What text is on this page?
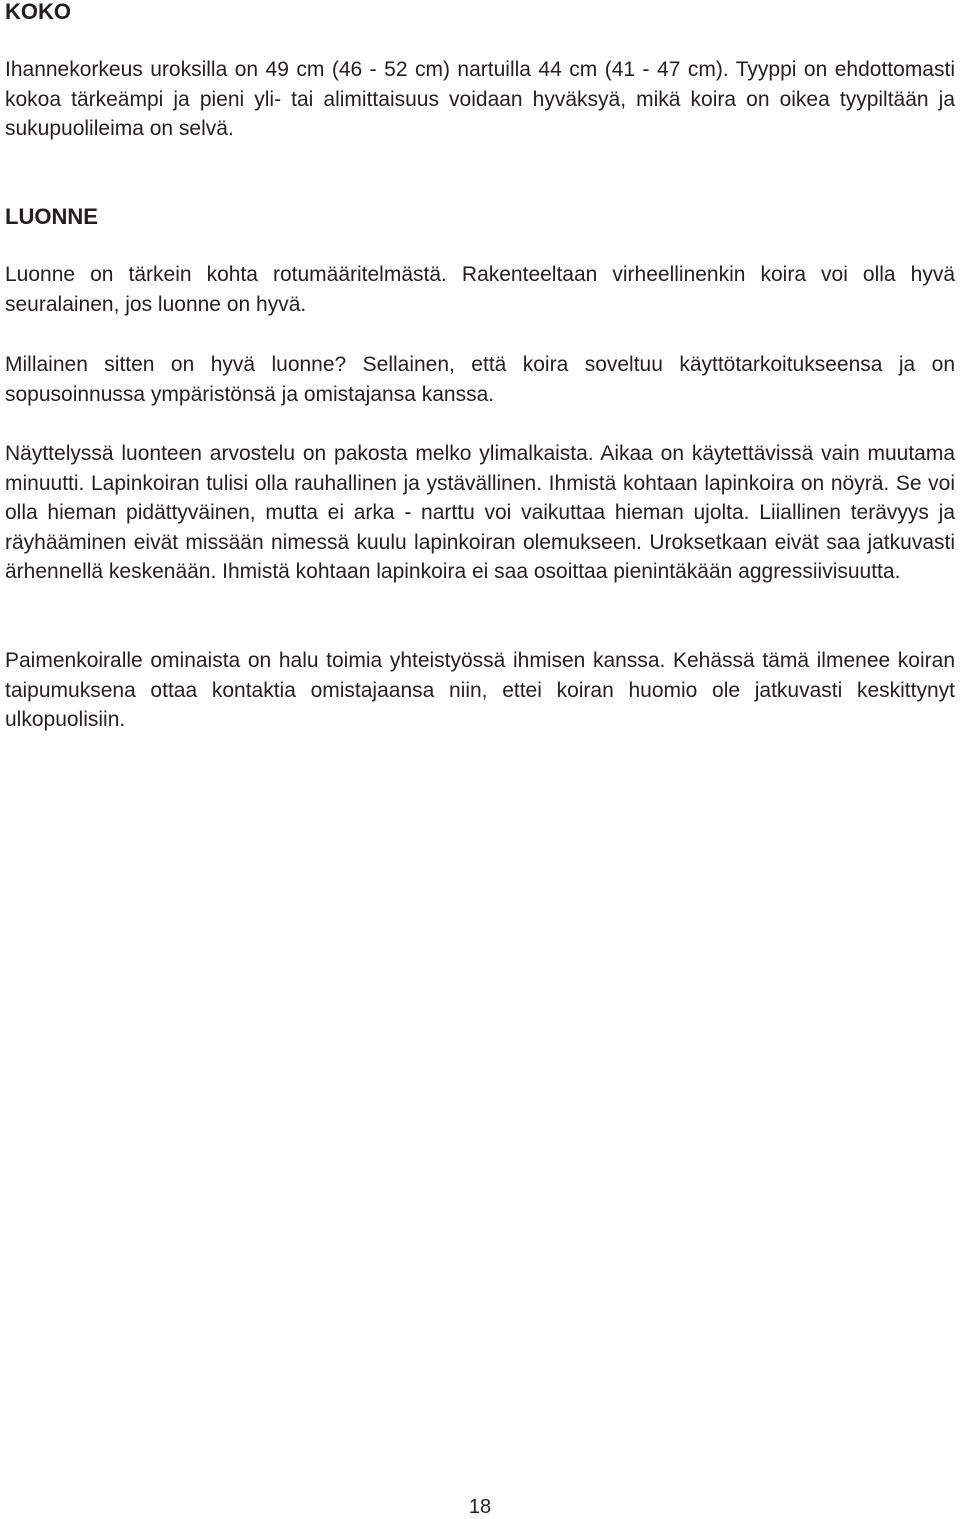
KOKO

Ihannekorkeus uroksilla on 49 cm (46 - 52 cm) nartuilla 44 cm (41 - 47 cm). Tyyppi on ehdottomasti kokoa tärkeämpi ja pieni yli- tai alimittaisuus voidaan hyväksyä, mikä koira on oikea tyypiltään ja sukupuolileima on selvä.

LUONNE

Luonne on tärkein kohta rotumääritelmästä. Rakenteeltaan virheellinenkin koira voi olla hyvä seuralainen, jos luonne on hyvä.

Millainen sitten on hyvä luonne? Sellainen, että koira soveltuu käyttötarkoitukseensa ja on sopusoinnussa ympäristönsä ja omistajansa kanssa.

Näyttelyssä luonteen arvostelu on pakosta melko ylimalkaista. Aikaa on käytettävissä vain muutama minuutti. Lapinkoiran tulisi olla rauhallinen ja ystävällinen. Ihmistä kohtaan lapinkoira on nöyrä. Se voi olla hieman pidättyväinen, mutta ei arka - narttu voi vaikuttaa hieman ujolta. Liiallinen terävyys ja räyhääminen eivät missään nimessä kuulu lapinkoiran olemukseen. Uroksetkaan eivät saa jatkuvasti ärhennellä keskenään. Ihmistä kohtaan lapinkoira ei saa osoittaa pienintäkään aggressiivisuutta.

Paimenkoiralle ominaista on halu toimia yhteistyössä ihmisen kanssa. Kehässä tämä ilmenee koiran taipumuksena ottaa kontaktia omistajaansa niin, ettei koiran huomio ole jatkuvasti keskittynyt ulkopuolisiin.

18
